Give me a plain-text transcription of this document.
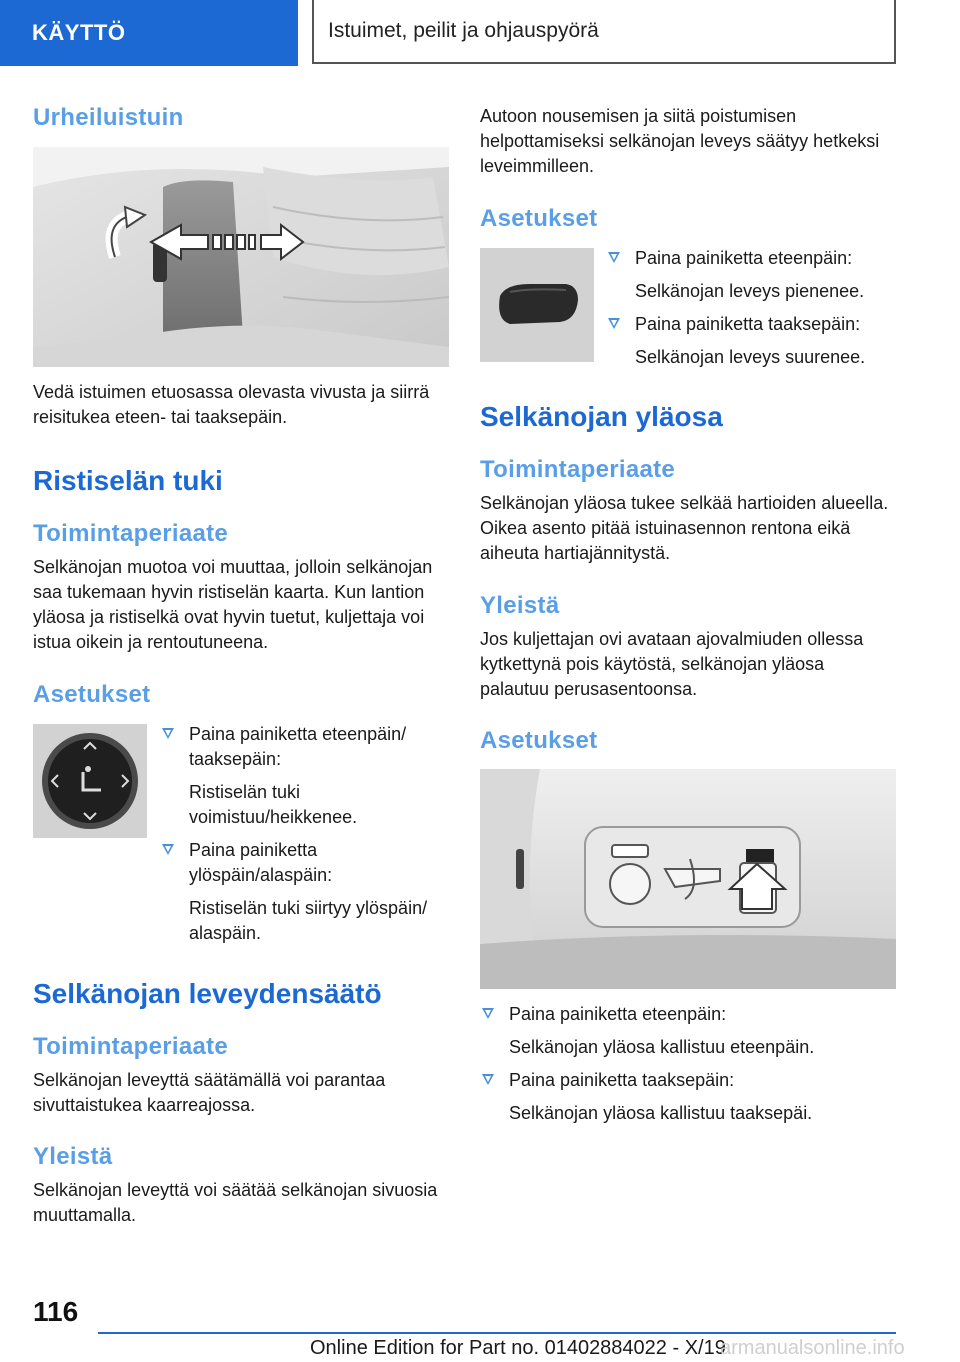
KÄYTTÖ	Istuimet, peilit ja ohjauspyörä
Urheiluistuin
Vedä istuimen etuosassa olevasta vivusta ja siirrä reisitukea eteen- tai taaksepäin.
Ristiselän tuki
Toimintaperiaate
Selkänojan muotoa voi muuttaa, jolloin selkänojan saa tukemaan hyvin ristiselän kaarta. Kun lantion yläosa ja ristiselkä ovat hyvin tuetut, kuljettaja voi istua oikein ja rentoutuneena.
Asetukset
Paina painiketta eteenpäin/ taaksepäin:
Ristiselän tuki voimistuu/heikkenee.
Paina painiketta ylöspäin/alaspäin:
Ristiselän tuki siirtyy ylöspäin/ alaspäin.
Selkänojan leveydensäätö
Toimintaperiaate
Selkänojan leveyttä säätämällä voi parantaa sivuttaistukea kaarreajossa.
Yleistä
Selkänojan leveyttä voi säätää selkänojan sivuosia muuttamalla.
Autoon nousemisen ja siitä poistumisen helpottamiseksi selkänojan leveys säätyy hetkeksi leveimmilleen.
Asetukset
Paina painiketta eteenpäin:
Selkänojan leveys pienenee.
Paina painiketta taaksepäin:
Selkänojan leveys suurenee.
Selkänojan yläosa
Toimintaperiaate
Selkänojan yläosa tukee selkää hartioiden alueella. Oikea asento pitää istuinasennon rentona eikä aiheuta hartiajännitystä.
Yleistä
Jos kuljettajan ovi avataan ajovalmiuden ollessa kytkettynä pois käytöstä, selkänojan yläosa palautuu perusasentoonsa.
Asetukset
Paina painiketta eteenpäin:
Selkänojan yläosa kallistuu eteenpäin.
Paina painiketta taaksepäin:
Selkänojan yläosa kallistuu taaksepäi.
116
Online Edition for Part no. 01402884022 - X/19
armanualsonline.info
